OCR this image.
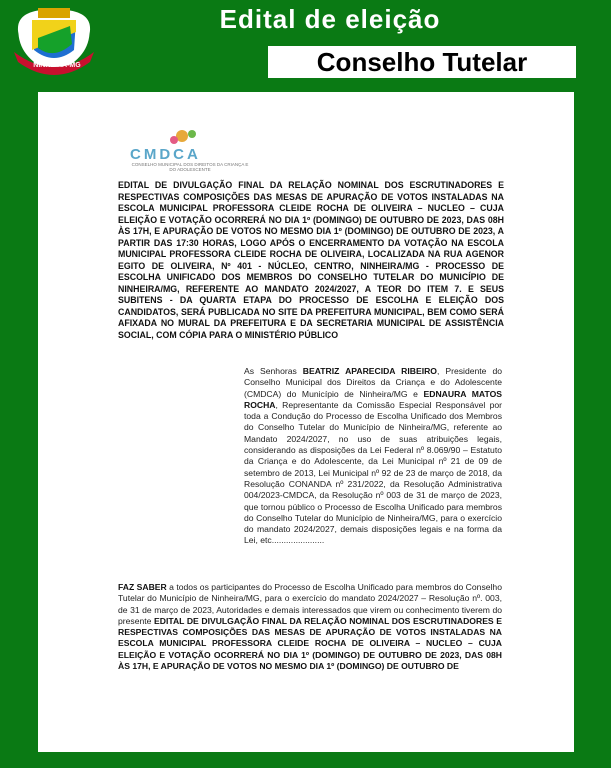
NINHEIRA-MG
Edital de eleição
Conselho Tutelar
CMDCA
CONSELHO MUNICIPAL DOS DIREITOS DA CRIANÇA E DO ADOLESCENTE
EDITAL DE DIVULGAÇÃO FINAL DA RELAÇÃO NOMINAL DOS ESCRUTINADORES E RESPECTIVAS COMPOSIÇÕES DAS MESAS DE APURAÇÃO DE VOTOS INSTALADAS NA ESCOLA MUNICIPAL PROFESSORA CLEIDE ROCHA DE OLIVEIRA – NUCLEO – CUJA ELEIÇÃO E VOTAÇÃO OCORRERÁ NO DIA 1º (DOMINGO) DE OUTUBRO DE 2023, DAS 08H ÀS 17H, E APURAÇÃO DE VOTOS NO MESMO DIA 1º (DOMINGO) DE OUTUBRO DE 2023, A PARTIR DAS 17:30 HORAS, LOGO APÓS O ENCERRAMENTO DA VOTAÇÃO NA ESCOLA MUNICIPAL PROFESSORA CLEIDE ROCHA DE OLIVEIRA, LOCALIZADA NA RUA AGENOR EGITO DE OLIVEIRA, Nº 401 - NÚCLEO, CENTRO, NINHEIRA/MG - PROCESSO DE ESCOLHA UNIFICADO DOS MEMBROS DO CONSELHO TUTELAR DO MUNICÍPIO DE NINHEIRA/MG, REFERENTE AO MANDATO 2024/2027, A TEOR DO ITEM 7. E SEUS SUBITENS - DA QUARTA ETAPA DO PROCESSO DE ESCOLHA E ELEIÇÃO DOS CANDIDATOS, SERÁ PUBLICADA NO SITE DA PREFEITURA MUNICIPAL, BEM COMO SERÁ AFIXADA NO MURAL DA PREFEITURA E DA SECRETARIA MUNICIPAL DE ASSISTÊNCIA SOCIAL, COM CÓPIA PARA O MINISTÉRIO PÚBLICO
As Senhoras BEATRIZ APARECIDA RIBEIRO, Presidente do Conselho Municipal dos Direitos da Criança e do Adolescente (CMDCA) do Município de Ninheira/MG e EDNAURA MATOS ROCHA, Representante da Comissão Especial Responsável por toda a Condução do Processo de Escolha Unificado dos Membros do Conselho Tutelar do Município de Ninheira/MG, referente ao Mandato 2024/2027, no uso de suas atribuições legais, considerando as disposições da Lei Federal nº 8.069/90 – Estatuto da Criança e do Adolescente, da Lei Municipal nº 21 de 09 de setembro de 2013, Lei Municipal nº 92 de 23 de março de 2018, da Resolução CONANDA nº 231/2022, da Resolução Administrativa 004/2023-CMDCA, da Resolução nº 003 de 31 de março de 2023, que tornou público o Processo de Escolha Unificado para membros do Conselho Tutelar do Município de Ninheira/MG, para o exercício do mandato 2024/2027, demais disposições legais e na forma da Lei, etc......................
FAZ SABER a todos os participantes do Processo de Escolha Unificado para membros do Conselho Tutelar do Município de Ninheira/MG, para o exercício do mandato 2024/2027 – Resolução nº. 003, de 31 de março de 2023, Autoridades e demais interessados que virem ou conhecimento tiverem do presente EDITAL DE DIVULGAÇÃO FINAL DA RELAÇÃO NOMINAL DOS ESCRUTINADORES E RESPECTIVAS COMPOSIÇÕES DAS MESAS DE APURAÇÃO DE VOTOS INSTALADAS NA ESCOLA MUNICIPAL PROFESSORA CLEIDE ROCHA DE OLIVEIRA – NUCLEO – CUJA ELEIÇÃO E VOTAÇÃO OCORRERÁ NO DIA 1º (DOMINGO) DE OUTUBRO DE 2023, DAS 08H ÀS 17H, E APURAÇÃO DE VOTOS NO MESMO DIA 1º (DOMINGO) DE OUTUBRO DE
